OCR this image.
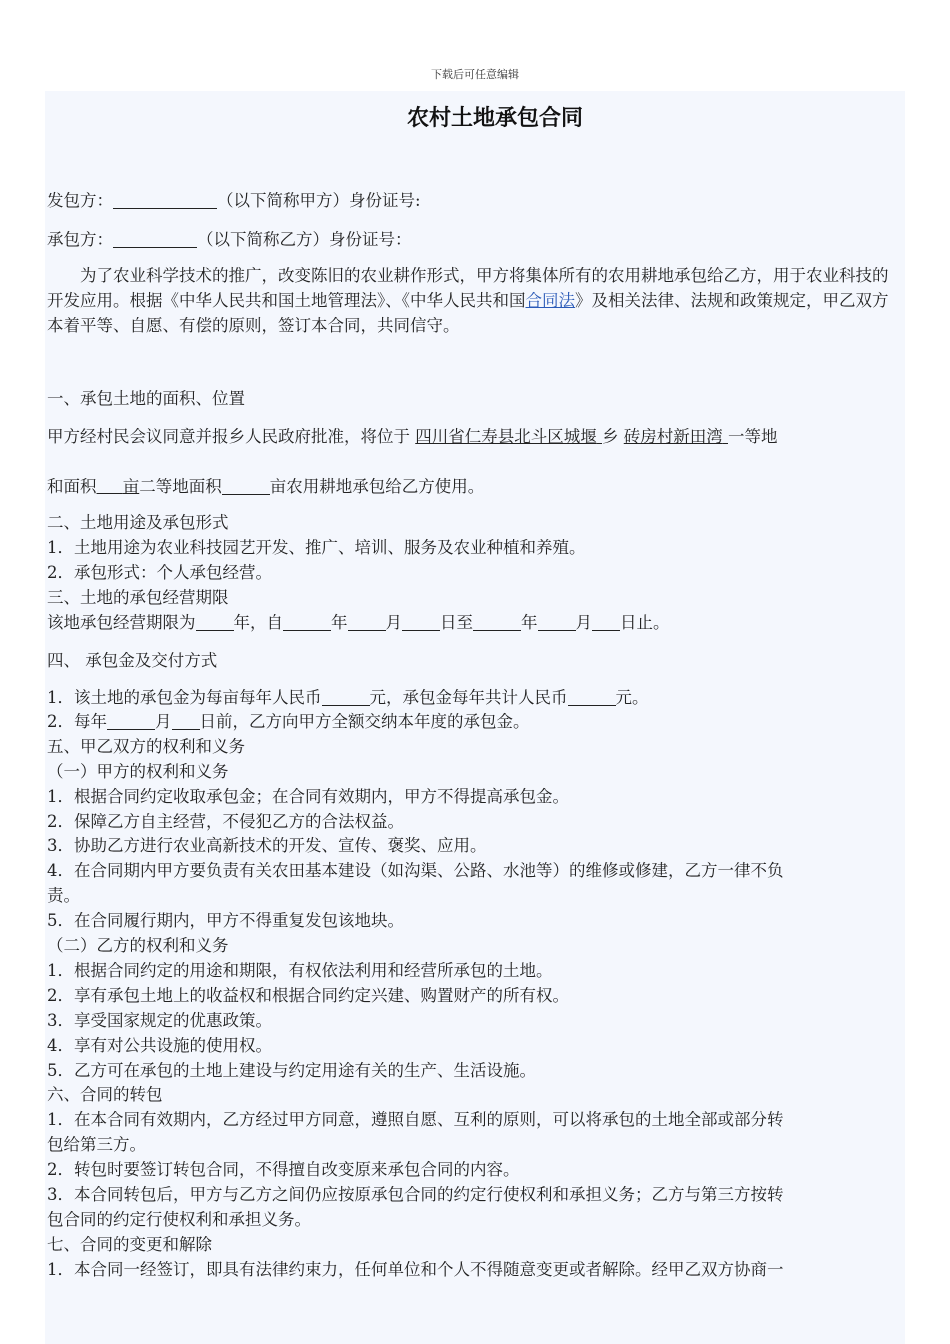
下载后可任意编辑
农村土地承包合同
发包方：	（以下简称甲方）身份证号:
承包方：	（以下简称乙方）身份证号：
为了农业科学技术的推广，改变陈旧的农业耕作形式，甲方将集体所有的农用耕地承包给乙方，用于农业科技的开发应用。根据《中华人民共和国土地管理法》、《中华人民共和国合同法》及相关法律、法规和政策规定，甲乙双方本着平等、自愿、有偿的原则，签订本合同，共同信守。
一、承包土地的面积、位置
甲方经村民会议同意并报乡人民政府批准，将位于 四川省仁寿县北斗区城堰 乡 砖房村新田湾 一等地
和面积 亩二等地面积	亩农用耕地承包给乙方使用。
二、土地用途及承包形式
1．土地用途为农业科技园艺开发、推广、培训、服务及农业种植和养殖。
2．承包形式：个人承包经营。
三、土地的承包经营期限
该地承包经营期限为 年，自	年 月 日至	年 月 日止。
四、 承包金及交付方式
1．该土地的承包金为每亩每年人民币	元，承包金每年共计人民币	元。
2．每年	月 日前，乙方向甲方全额交纳本年度的承包金。
五、甲乙双方的权利和义务
（一）甲方的权利和义务
1．根据合同约定收取承包金；在合同有效期内，甲方不得提高承包金。
2．保障乙方自主经营，不侵犯乙方的合法权益。
3．协助乙方进行农业高新技术的开发、宣传、褒奖、应用。
4．在合同期内甲方要负责有关农田基本建设（如沟渠、公路、水池等）的维修或修建，乙方一律不负
责。
5．在合同履行期内，甲方不得重复发包该地块。
（二）乙方的权利和义务
1．根据合同约定的用途和期限，有权依法利用和经营所承包的土地。
2．享有承包土地上的收益权和根据合同约定兴建、购置财产的所有权。
3．享受国家规定的优惠政策。
4．享有对公共设施的使用权。
5．乙方可在承包的土地上建设与约定用途有关的生产、生活设施。
六、合同的转包
1．在本合同有效期内，乙方经过甲方同意，遵照自愿、互利的原则，可以将承包的土地全部或部分转
包给第三方。
2．转包时要签订转包合同，不得擅自改变原来承包合同的内容。
3．本合同转包后，甲方与乙方之间仍应按原承包合同的约定行使权利和承担义务；乙方与第三方按转
包合同的约定行使权利和承担义务。
七、合同的变更和解除
1．本合同一经签订，即具有法律约束力，任何单位和个人不得随意变更或者解除。经甲乙双方协商一
